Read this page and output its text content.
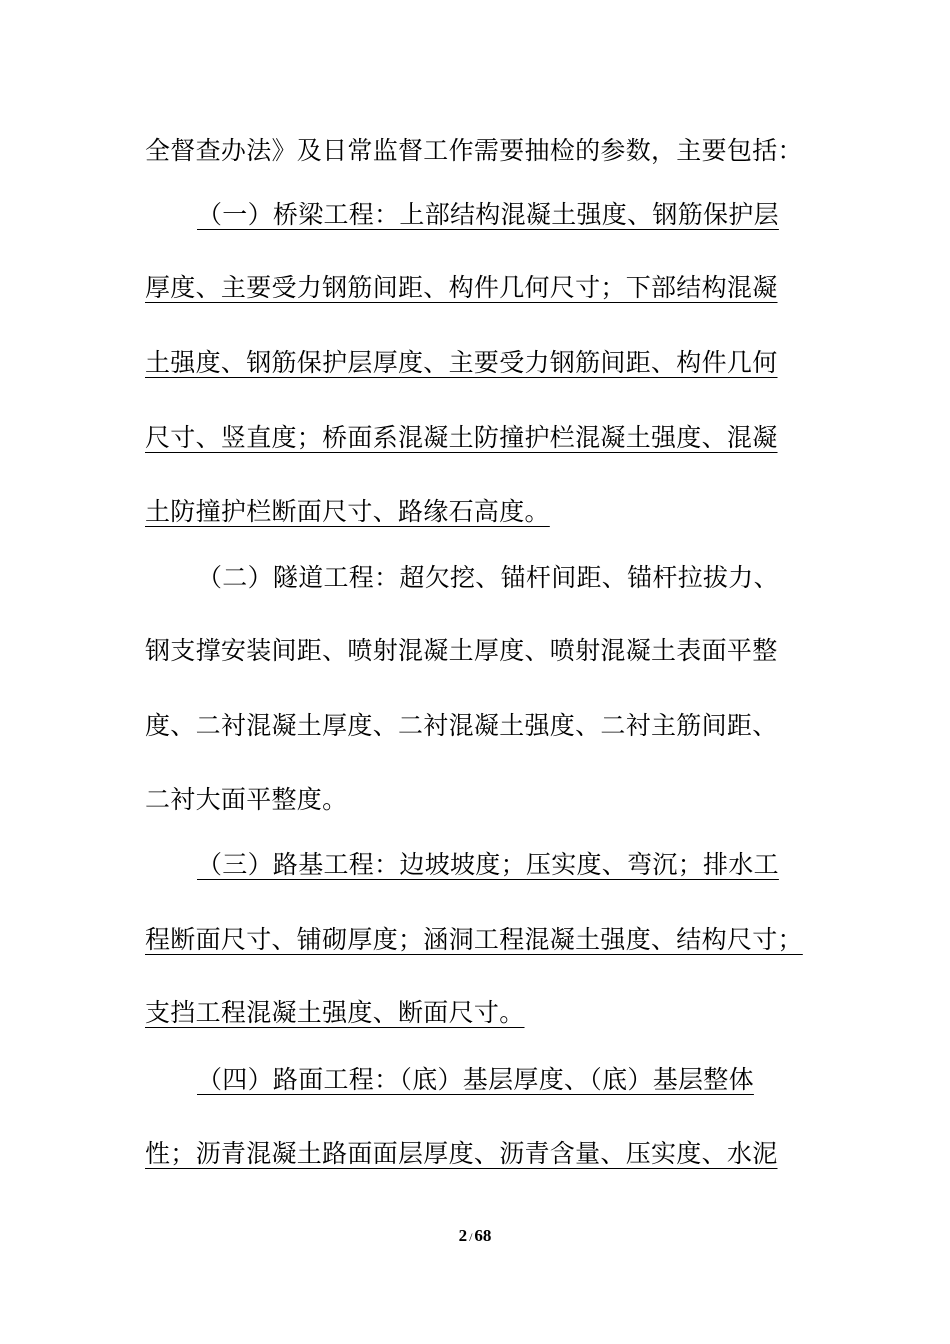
全督查办法》及日常监督工作需要抽检的参数，主要包括：
（一）桥梁工程：上部结构混凝土强度、钢筋保护层
厚度、主要受力钢筋间距、构件几何尺寸；下部结构混凝
土强度、钢筋保护层厚度、主要受力钢筋间距、构件几何
尺寸、竖直度；桥面系混凝土防撞护栏混凝土强度、混凝
土防撞护栏断面尺寸、路缘石高度。
（二）隧道工程：超欠挖、锚杆间距、锚杆拉拔力、
钢支撑安装间距、喷射混凝土厚度、喷射混凝土表面平整
度、二衬混凝土厚度、二衬混凝土强度、二衬主筋间距、
二衬大面平整度。
（三）路基工程：边坡坡度；压实度、弯沉；排水工
程断面尺寸、铺砌厚度；涵洞工程混凝土强度、结构尺寸；
支挡工程混凝土强度、断面尺寸。
（四）路面工程：（底）基层厚度、（底）基层整体
性；沥青混凝土路面面层厚度、沥青含量、压实度、水泥
2 / 68
